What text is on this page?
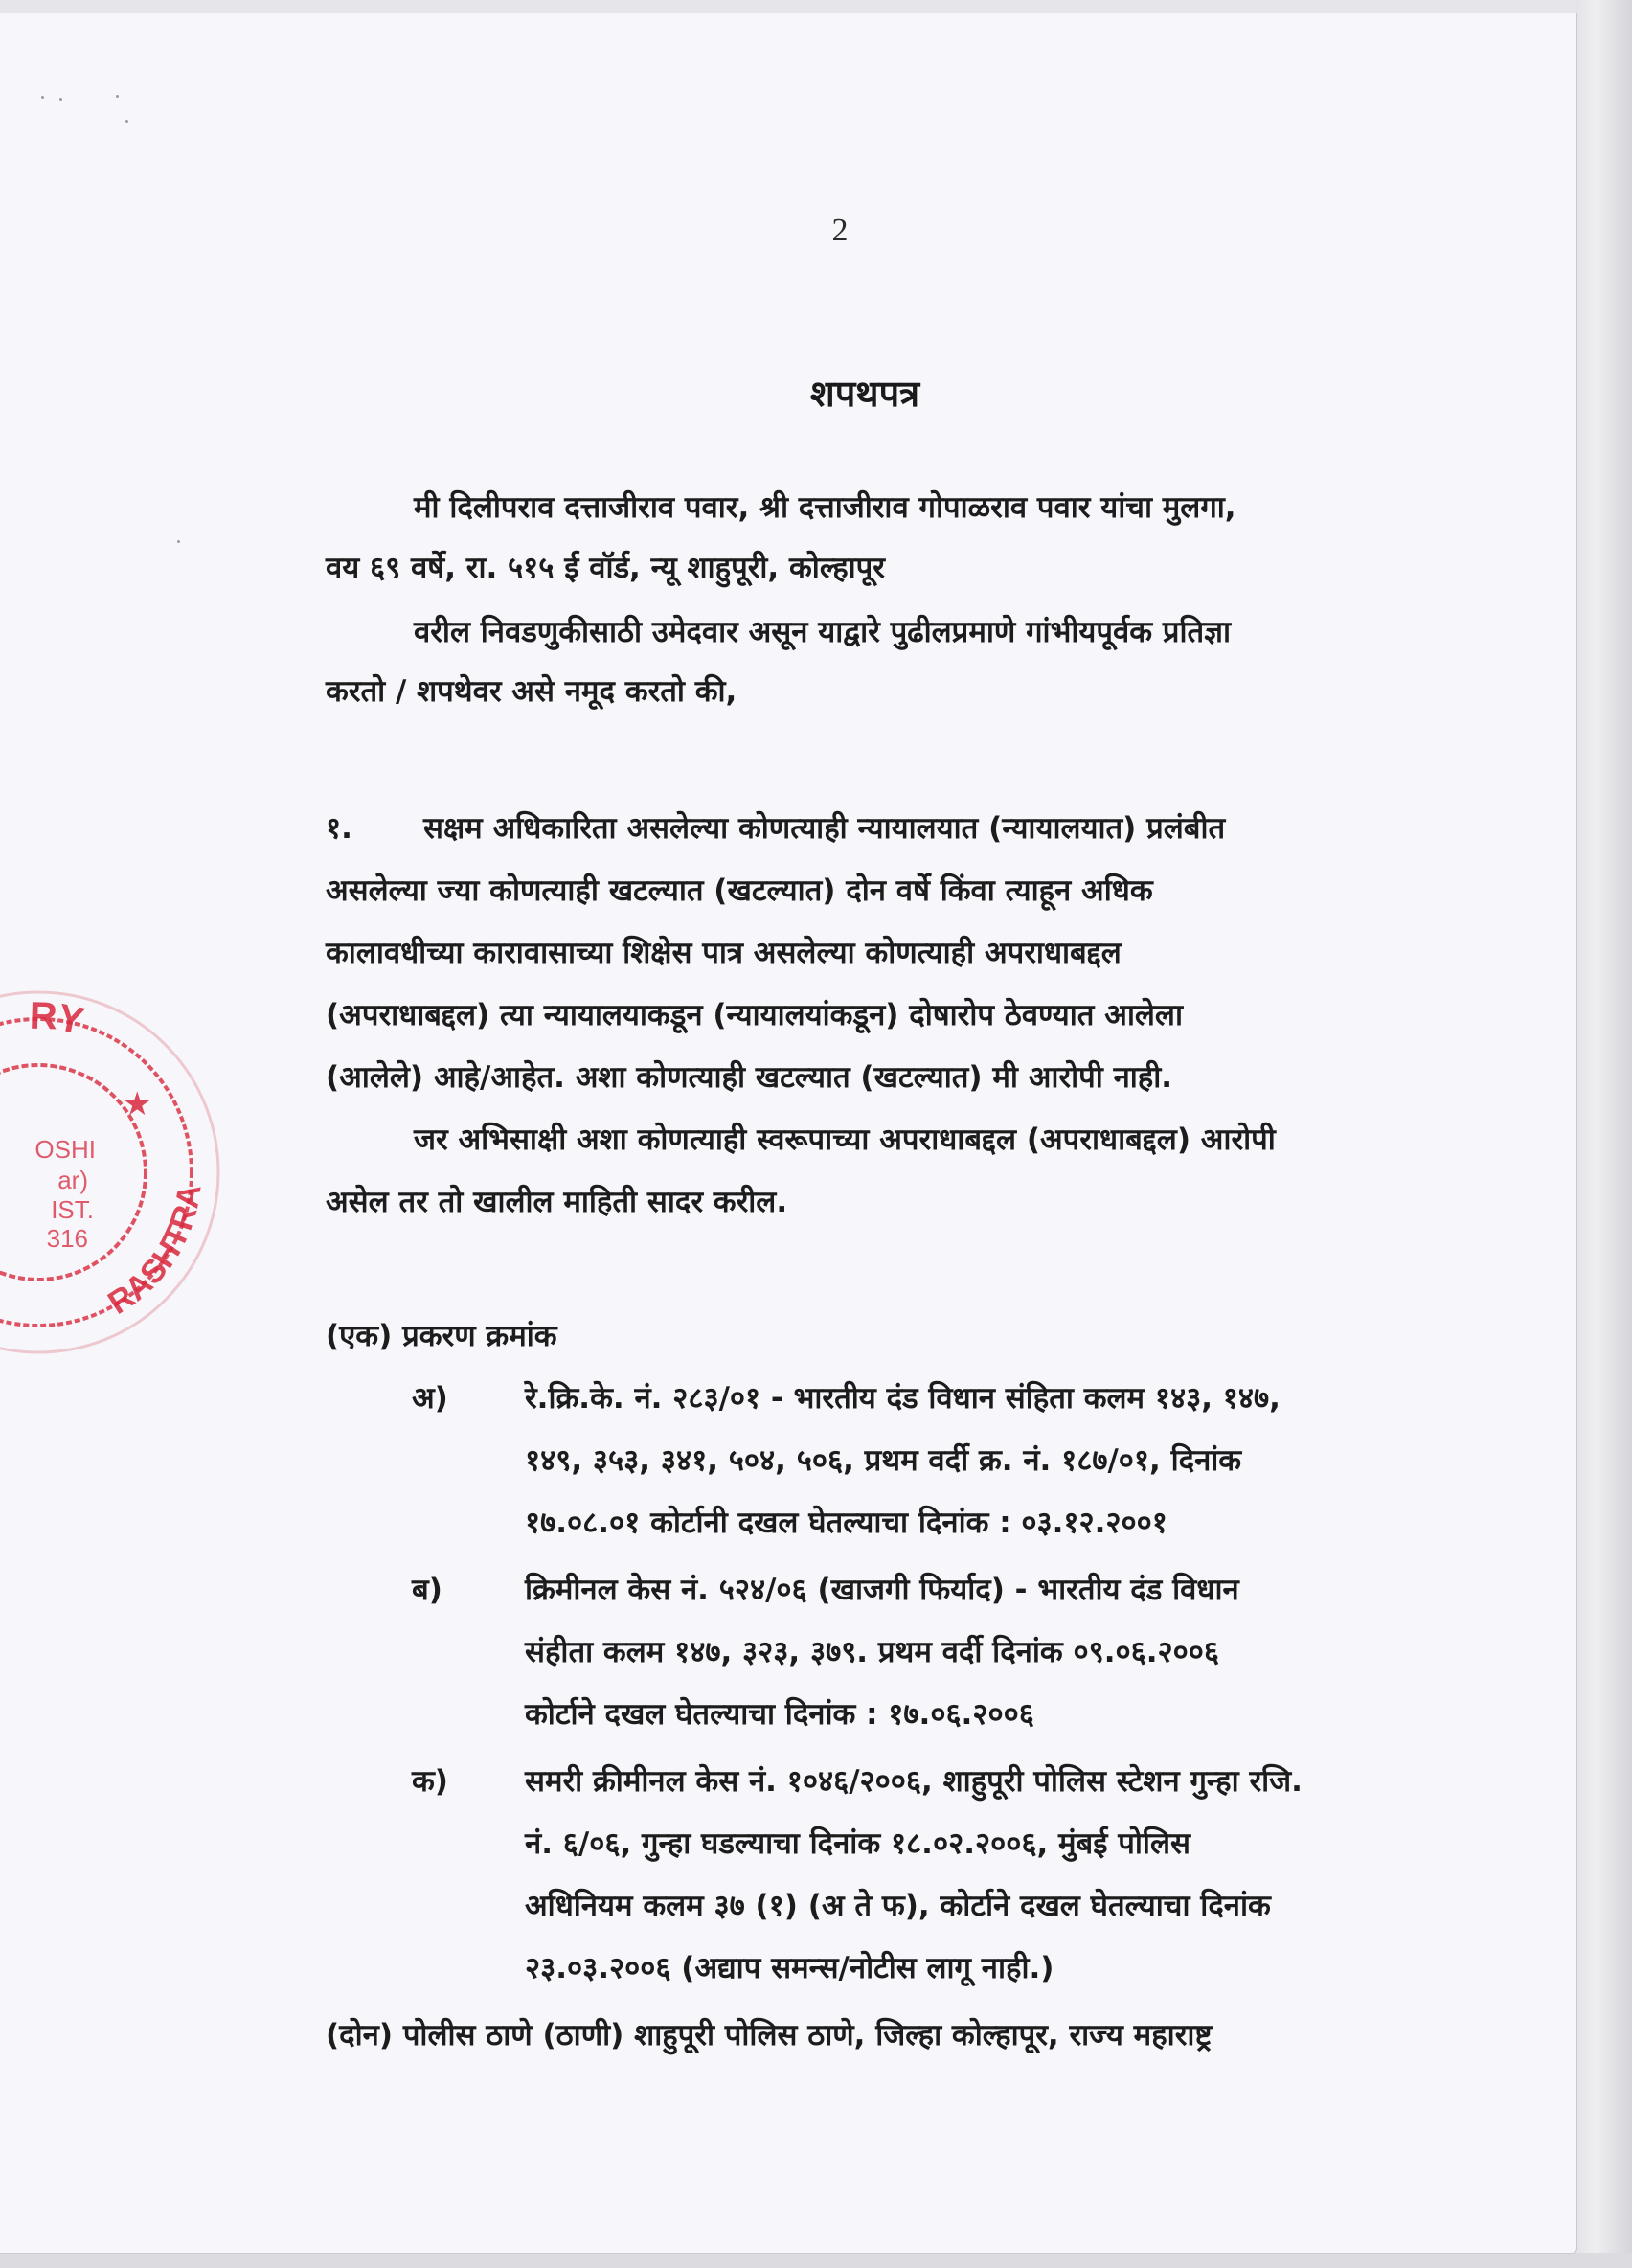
2
शपथपत्र
मी दिलीपराव दत्ताजीराव पवार, श्री दत्ताजीराव गोपाळराव पवार यांचा मुलगा,
वय ६९ वर्षे, रा. ५१५ ई वॉर्ड, न्यू शाहुपूरी, कोल्हापूर
वरील निवडणुकीसाठी उमेदवार असून याद्वारे पुढीलप्रमाणे गांभीयपूर्वक प्रतिज्ञा
करतो / शपथेवर असे नमूद करतो की,
१. सक्षम अधिकारिता असलेल्या कोणत्याही न्यायालयात (न्यायालयात) प्रलंबीत
असलेल्या ज्या कोणत्याही खटल्यात (खटल्यात) दोन वर्षे किंवा त्याहून अधिक
कालावधीच्या कारावासाच्या शिक्षेस पात्र असलेल्या कोणत्याही अपराधाबद्दल
(अपराधाबद्दल) त्या न्यायालयाकडून (न्यायालयांकडून) दोषारोप ठेवण्यात आलेला
(आलेले) आहे/आहेत. अशा कोणत्याही खटल्यात (खटल्यात) मी आरोपी नाही.
जर अभिसाक्षी अशा कोणत्याही स्वरूपाच्या अपराधाबद्दल (अपराधाबद्दल) आरोपी
असेल तर तो खालील माहिती सादर करील.
(एक) प्रकरण क्रमांक
अ)	रे.क्रि.के. नं. २८३/०१ - भारतीय दंड विधान संहिता कलम १४३, १४७,
१४९, ३५३, ३४१, ५०४, ५०६, प्रथम वर्दी क्र. नं. १८७/०१, दिनांक
१७.०८.०१ कोर्टानी दखल घेतल्याचा दिनांक : ०३.१२.२००१
ब)	क्रिमीनल केस नं. ५२४/०६ (खाजगी फिर्याद) - भारतीय दंड विधान
संहीता कलम १४७, ३२३, ३७९. प्रथम वर्दी दिनांक ०९.०६.२००६
कोर्टाने दखल घेतल्याचा दिनांक : १७.०६.२००६
क)	समरी क्रीमीनल केस नं. १०४६/२००६, शाहुपूरी पोलिस स्टेशन गुन्हा रजि.
नं. ६/०६, गुन्हा घडल्याचा दिनांक १८.०२.२००६, मुंबई पोलिस
अधिनियम कलम ३७ (१) (अ ते फ), कोर्टाने दखल घेतल्याचा दिनांक
२३.०३.२००६ (अद्याप समन्स/नोटीस लागू नाही.)
(दोन) पोलीस ठाणे (ठाणी) शाहुपूरी पोलिस ठाणे, जिल्हा कोल्हापूर, राज्य महाराष्ट्र
RY
RASHTRA
★
OSHI
ar)
IST.
316
